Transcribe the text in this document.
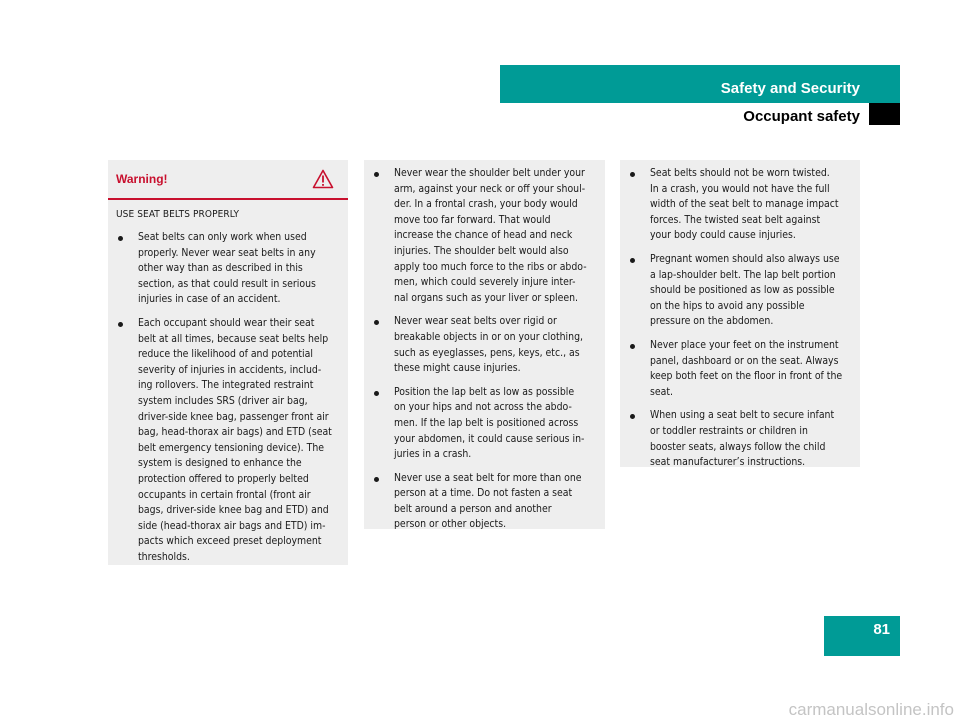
Safety and Security
Occupant safety
Warning!
USE SEAT BELTS PROPERLY
Seat belts can only work when used
properly. Never wear seat belts in any
other way than as described in this
section, as that could result in serious
injuries in case of an accident.
Each occupant should wear their seat
belt at all times, because seat belts help
reduce the likelihood of and potential
severity of injuries in accidents, includ-
ing rollovers. The integrated restraint
system includes SRS (driver air bag,
driver-side knee bag, passenger front air
bag, head-thorax air bags) and ETD (seat
belt emergency tensioning device). The
system is designed to enhance the
protection offered to properly belted
occupants in certain frontal (front air
bags, driver-side knee bag and ETD) and
side (head-thorax air bags and ETD) im-
pacts which exceed preset deployment
thresholds.
Never wear the shoulder belt under your
arm, against your neck or off your shoul-
der. In a frontal crash, your body would
move too far forward. That would
increase the chance of head and neck
injuries. The shoulder belt would also
apply too much force to the ribs or abdo-
men, which could severely injure inter-
nal organs such as your liver or spleen.
Never wear seat belts over rigid or
breakable objects in or on your clothing,
such as eyeglasses, pens, keys, etc., as
these might cause injuries.
Position the lap belt as low as possible
on your hips and not across the abdo-
men. If the lap belt is positioned across
your abdomen, it could cause serious in-
juries in a crash.
Never use a seat belt for more than one
person at a time. Do not fasten a seat
belt around a person and another
person or other objects.
Seat belts should not be worn twisted.
In a crash, you would not have the full
width of the seat belt to manage impact
forces. The twisted seat belt against
your body could cause injuries.
Pregnant women should also always use
a lap-shoulder belt. The lap belt portion
should be positioned as low as possible
on the hips to avoid any possible
pressure on the abdomen.
Never place your feet on the instrument
panel, dashboard or on the seat. Always
keep both feet on the floor in front of the
seat.
When using a seat belt to secure infant
or toddler restraints or children in
booster seats, always follow the child
seat manufacturer’s instructions.
81
carmanualsonline.info
